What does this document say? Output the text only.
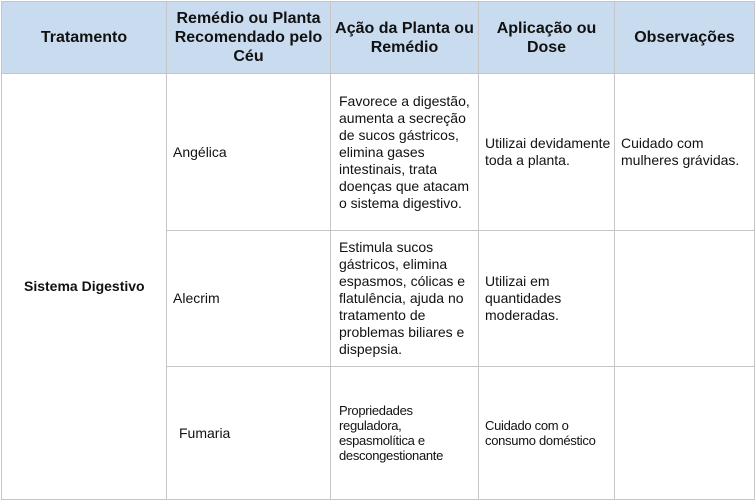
Tratamento	Remédio ou Planta Recomendado pelo Céu	Ação da Planta ou Remédio	Aplicação ou Dose	Observações
Sistema Digestivo	Angélica	Favorece a digestão, aumenta a secreção de sucos gástricos, elimina gases intestinais, trata doenças que atacam o sistema digestivo.	Utilizai devidamente toda a planta.	Cuidado com mulheres grávidas.
	Alecrim	Estimula sucos gástricos, elimina espasmos, cólicas e flatulência, ajuda no tratamento de problemas biliares e dispepsia.	Utilizai em quantidades moderadas.	
	Fumaria	Propriedades reguladora, espasmolítica e descongestionante	Cuidado com o consumo doméstico	
